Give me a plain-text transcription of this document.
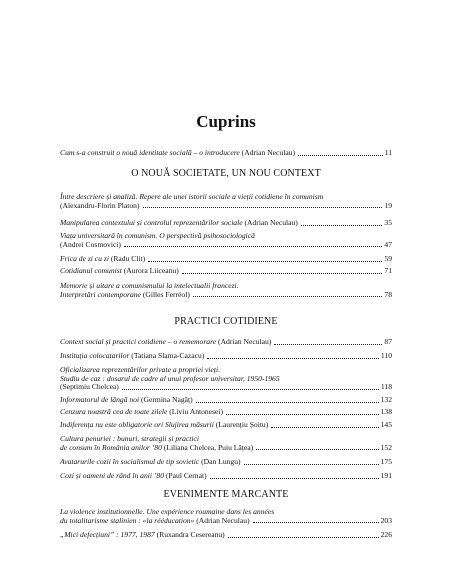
Cuprins
Cum s-a construit o nouă identitate socială – o introducere (Adrian Neculau)	11
O NOUĂ SOCIETATE, UN NOU CONTEXT
Între descriere și analiză. Repere ale unei istorii sociale a vieții cotidiene în comunism
(Alexandru-Florin Platon)	19
Manipularea contextului și controlul reprezentărilor sociale (Adrian Neculau)	35
Viața universitară în comunism. O perspectivă psihosociologică
(Andrei Cosmovici)	47
Frica de zi cu zi (Radu Clit)	59
Cotidianul comunist (Aurora Liiceanu)	71
Memorie și uitare a comunismului la intelectualii francezi.
Interpretări contemporane (Gilles Ferréol)	78
PRACTICI COTIDIENE
Context social și practici cotidiene – o rememorare (Adrian Neculau)	87
Instituția colocatarilor (Tatiana Slama-Cazacu)	110
Oficializarea reprezentărilor private a propriei vieți.
Studiu de caz : dosarul de cadre al unui profesor universitar, 1950-1965
(Septimiu Chelcea)	118
Informatorul de lângă noi (Germina Nagâț)	132
Cenzura noastră cea de toate zilele (Liviu Antonesei)	138
Indiferența nu este obligatorie ori Slujirea măsurii (Laurențiu Șoitu)	145
Cultura penuriei : bunuri, strategii și practici
de consum în România anilor ’80 (Liliana Chelcea, Puiu Lățea)	152
Avatarurile cozii în socialismul de tip sovietic (Dan Lungu)	175
Cozi și oameni de rând în anii ’80 (Paul Cernat)	191
EVENIMENTE MARCANTE
La violence institutionnelle. Une expérience roumaine dans les années
du totalitarisme stalinien : «la rééducation» (Adrian Neculau)	203
„Mici defecțiuni” : 1977, 1987 (Ruxandra Cesereanu)	226
